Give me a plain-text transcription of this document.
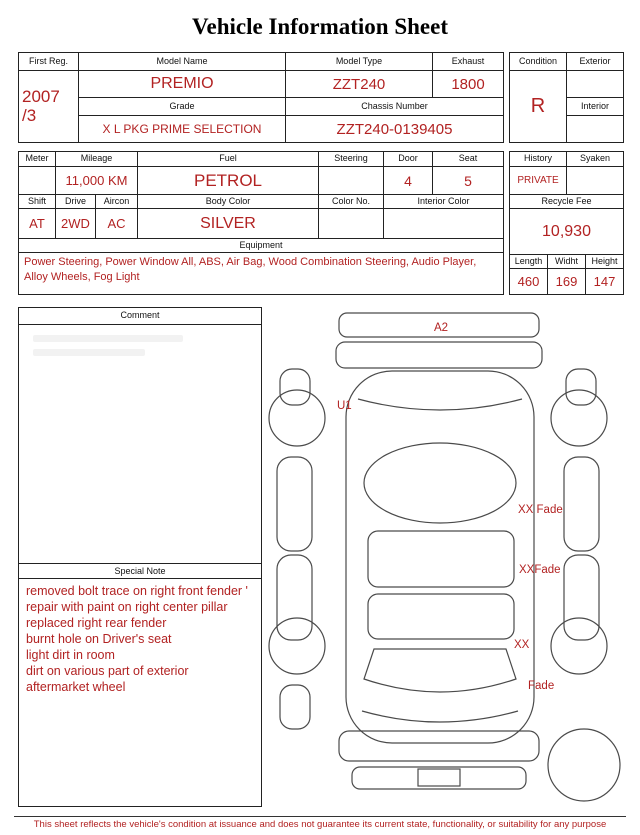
Vehicle Information Sheet
First Reg.	Model Name	Model Type	Exhaust

2007
/3	PREMIO	ZZT240	1800
	Grade	Chassis Number	
	X L PKG PRIME SELECTION	ZZT240-0139405	
Condition	Exterior
R	
	Interior

Meter	Mileage		Fuel	Steering	Door	Seat
	11,000 KM		PETROL		4	5
Shift	Drive	Aircon	Body Color	Color No.	Interior Color	
AT	2WD	AC	SILVER			
Equipment						
Power Steering, Power Window All, ABS, Air Bag, Wood Combination Steering, Audio Player, Alloy Wheels, Fog Light						
History		Syaken	
PRIVATE			
Recycle Fee			
10,930			
Length	Widht		Height
460	169		147
Comment
Special Note
removed bolt trace on right front fender '
repair with paint on right center pillar
replaced right rear fender
burnt hole on Driver's seat
light dirt in room
dirt on various part of exterior
aftermarket wheel
A2
U1
XX Fade
XXFade
XX
Fade
This sheet reflects the vehicle's condition at issuance and does not guarantee its current state, functionality, or suitability for any purpose
